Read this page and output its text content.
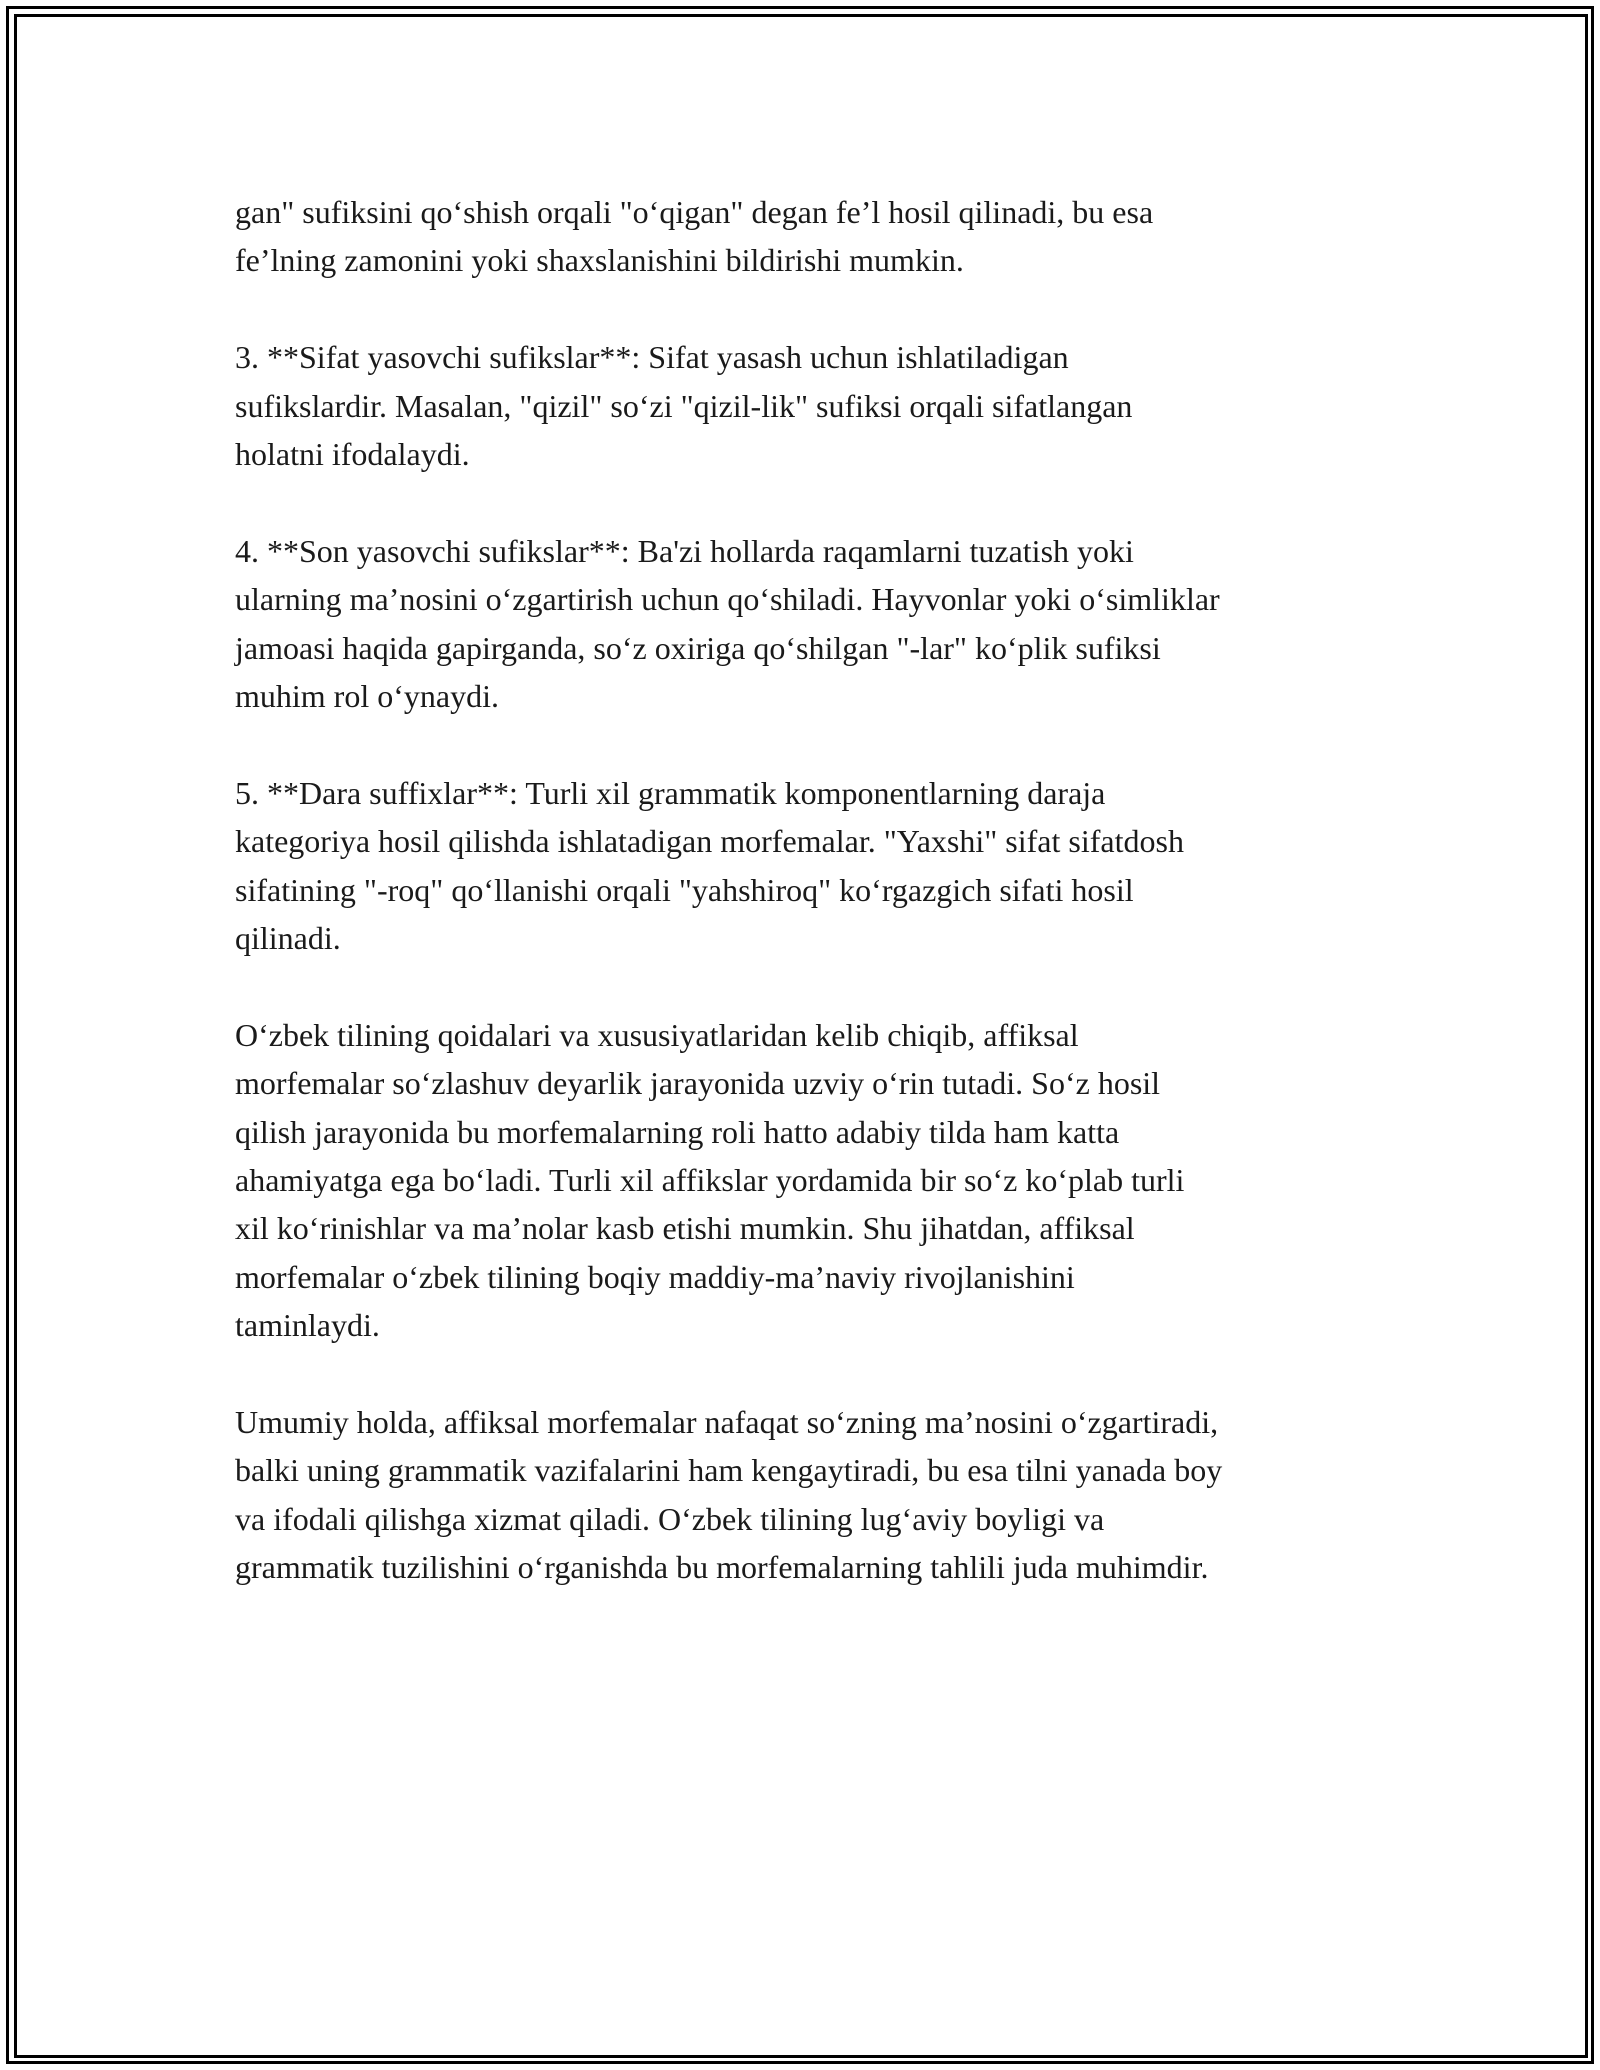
gan" sufiksini qo‘shish orqali "o‘qigan" degan fe’l hosil qilinadi, bu esa
fe’lning zamonini yoki shaxslanishini bildirishi mumkin.

3. **Sifat yasovchi sufikslar**: Sifat yasash uchun ishlatiladigan
sufikslardir. Masalan, "qizil" so‘zi "qizil-lik" sufiksi orqali sifatlangan
holatni ifodalaydi.

4. **Son yasovchi sufikslar**: Ba'zi hollarda raqamlarni tuzatish yoki
ularning ma’nosini o‘zgartirish uchun qo‘shiladi. Hayvonlar yoki o‘simliklar
jamoasi haqida gapirganda, so‘z oxiriga qo‘shilgan "-lar" ko‘plik sufiksi
muhim rol o‘ynaydi.

5. **Dara suffixlar**: Turli xil grammatik komponentlarning daraja
kategoriya hosil qilishda ishlatadigan morfemalar. "Yaxshi" sifat sifatdosh
sifatining "-roq" qo‘llanishi orqali "yahshiroq" ko‘rgazgich sifati hosil
qilinadi.

O‘zbek tilining qoidalari va xususiyatlaridan kelib chiqib, affiksal
morfemalar so‘zlashuv deyarlik jarayonida uzviy o‘rin tutadi. So‘z hosil
qilish jarayonida bu morfemalarning roli hatto adabiy tilda ham katta
ahamiyatga ega bo‘ladi. Turli xil affikslar yordamida bir so‘z ko‘plab turli
xil ko‘rinishlar va ma’nolar kasb etishi mumkin. Shu jihatdan, affiksal
morfemalar o‘zbek tilining boqiy maddiy-ma’naviy rivojlanishini
taminlaydi.

Umumiy holda, affiksal morfemalar nafaqat so‘zning ma’nosini o‘zgartiradi,
balki uning grammatik vazifalarini ham kengaytiradi, bu esa tilni yanada boy
va ifodali qilishga xizmat qiladi. O‘zbek tilining lug‘aviy boyligi va
grammatik tuzilishini o‘rganishda bu morfemalarning tahlili juda muhimdir.
